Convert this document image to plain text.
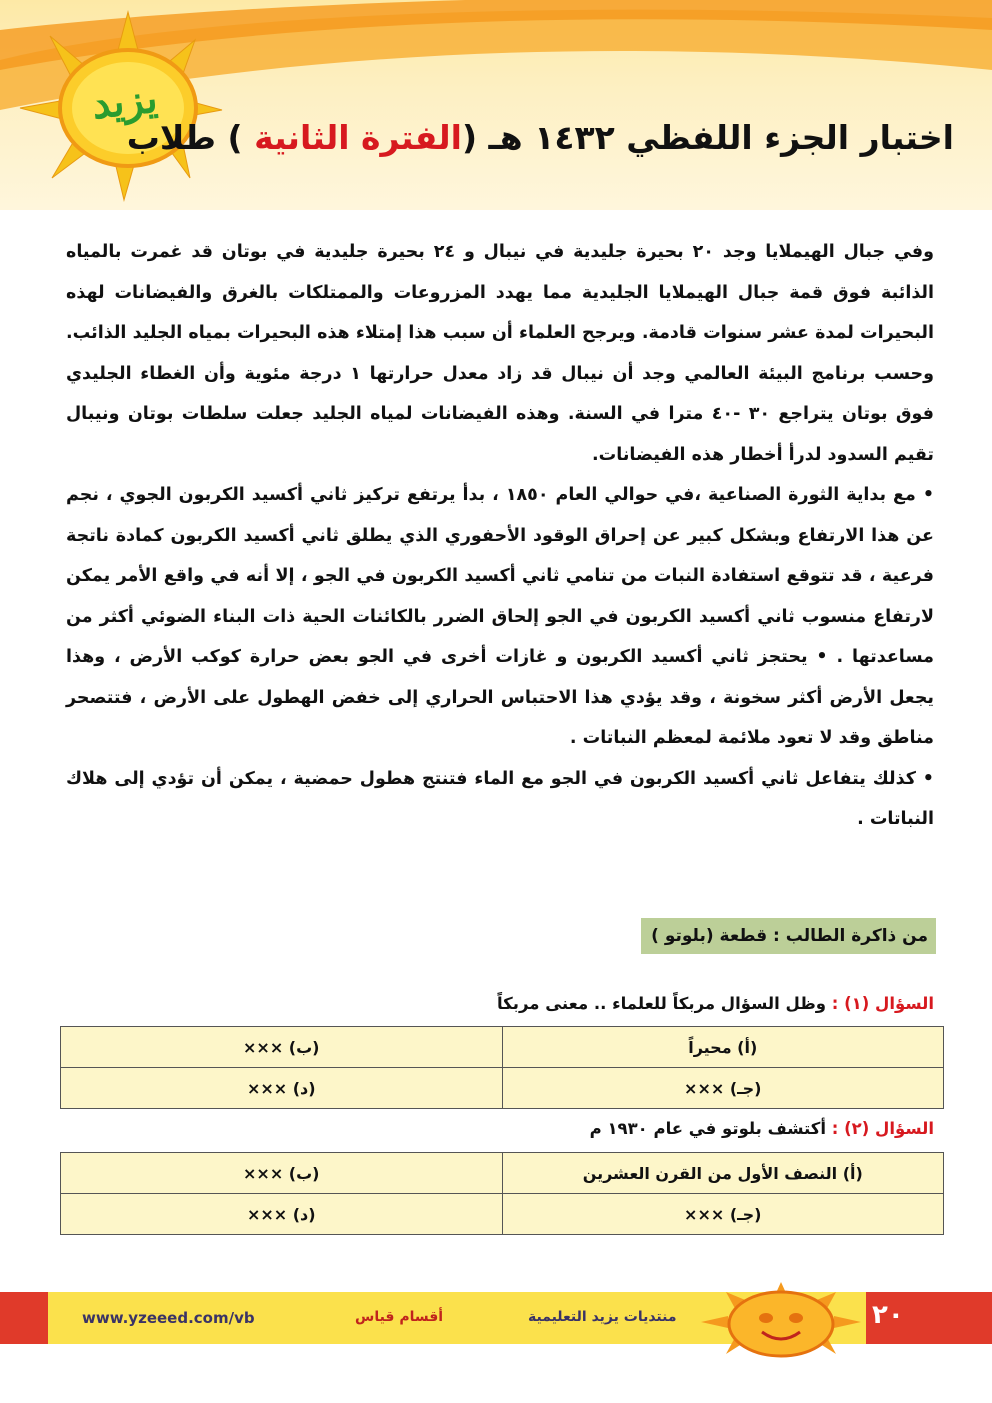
يزيد
اختبار الجزء اللفظي ١٤٣٢ هـ (الفترة الثانية ) طلاب

وفي جبال الهيملايا وجد ٢٠ بحيرة جليدية في نيبال و ٢٤ بحيرة جليدية في بوتان قد غمرت بالمياه الذائبة فوق قمة جبال الهيملايا الجليدية مما يهدد المزروعات والممتلكات بالغرق والفيضانات لهذه البحيرات لمدة عشر سنوات قادمة. ويرجح العلماء أن سبب هذا إمتلاء هذه البحيرات بمياه الجليد الذائب. وحسب برنامج البيئة العالمي وجد أن نيبال قد زاد معدل حرارتها ١ درجة مئوية وأن الغطاء الجليدي فوق بوتان يتراجع ٣٠ -٤٠ مترا في السنة. وهذه الفيضانات لمياه الجليد جعلت سلطات بوتان ونيبال تقيم السدود لدرأ أخطار هذه الفيضانات.

• مع بداية الثورة الصناعية ،في حوالي العام ١٨٥٠ ، بدأ يرتفع تركيز ثاني أكسيد الكربون الجوي ، نجم عن هذا الارتفاع وبشكل كبير عن إحراق الوقود الأحفوري الذي يطلق ثاني أكسيد الكربون كمادة ناتجة فرعية ، قد تتوقع استفادة النبات من تنامي ثاني أكسيد الكربون في الجو ، إلا أنه في واقع الأمر يمكن لارتفاع منسوب ثاني أكسيد الكربون في الجو إلحاق الضرر بالكائنات الحية ذات البناء الضوئي أكثر من مساعدتها . • يحتجز ثاني أكسيد الكربون و غازات أخرى في الجو بعض حرارة كوكب الأرض ، وهذا يجعل الأرض أكثر سخونة ، وقد يؤدي هذا الاحتباس الحراري إلى خفض الهطول على الأرض ، فتتصحر مناطق وقد لا تعود ملائمة لمعظم النباتات .

• كذلك يتفاعل ثاني أكسيد الكربون في الجو مع الماء فتنتج هطول حمضية ، يمكن أن تؤدي إلى هلاك النباتات .

من ذاكرة الطالب : قطعة (بلوتو )
السؤال (١) : وظل السؤال مربكاً للعلماء .. معنى مربكاً
(أ) محيراً	(ب) ×××
(جـ) ×××	(د) ×××
السؤال (٢) : أكتشف بلوتو في عام ١٩٣٠ م
(أ) النصف الأول من القرن العشرين	(ب) ×××
(جـ) ×××	(د) ×××
www.yzeeed.com/vb	أقسام قياس	منتديات يزيد التعليمية	٢٠
